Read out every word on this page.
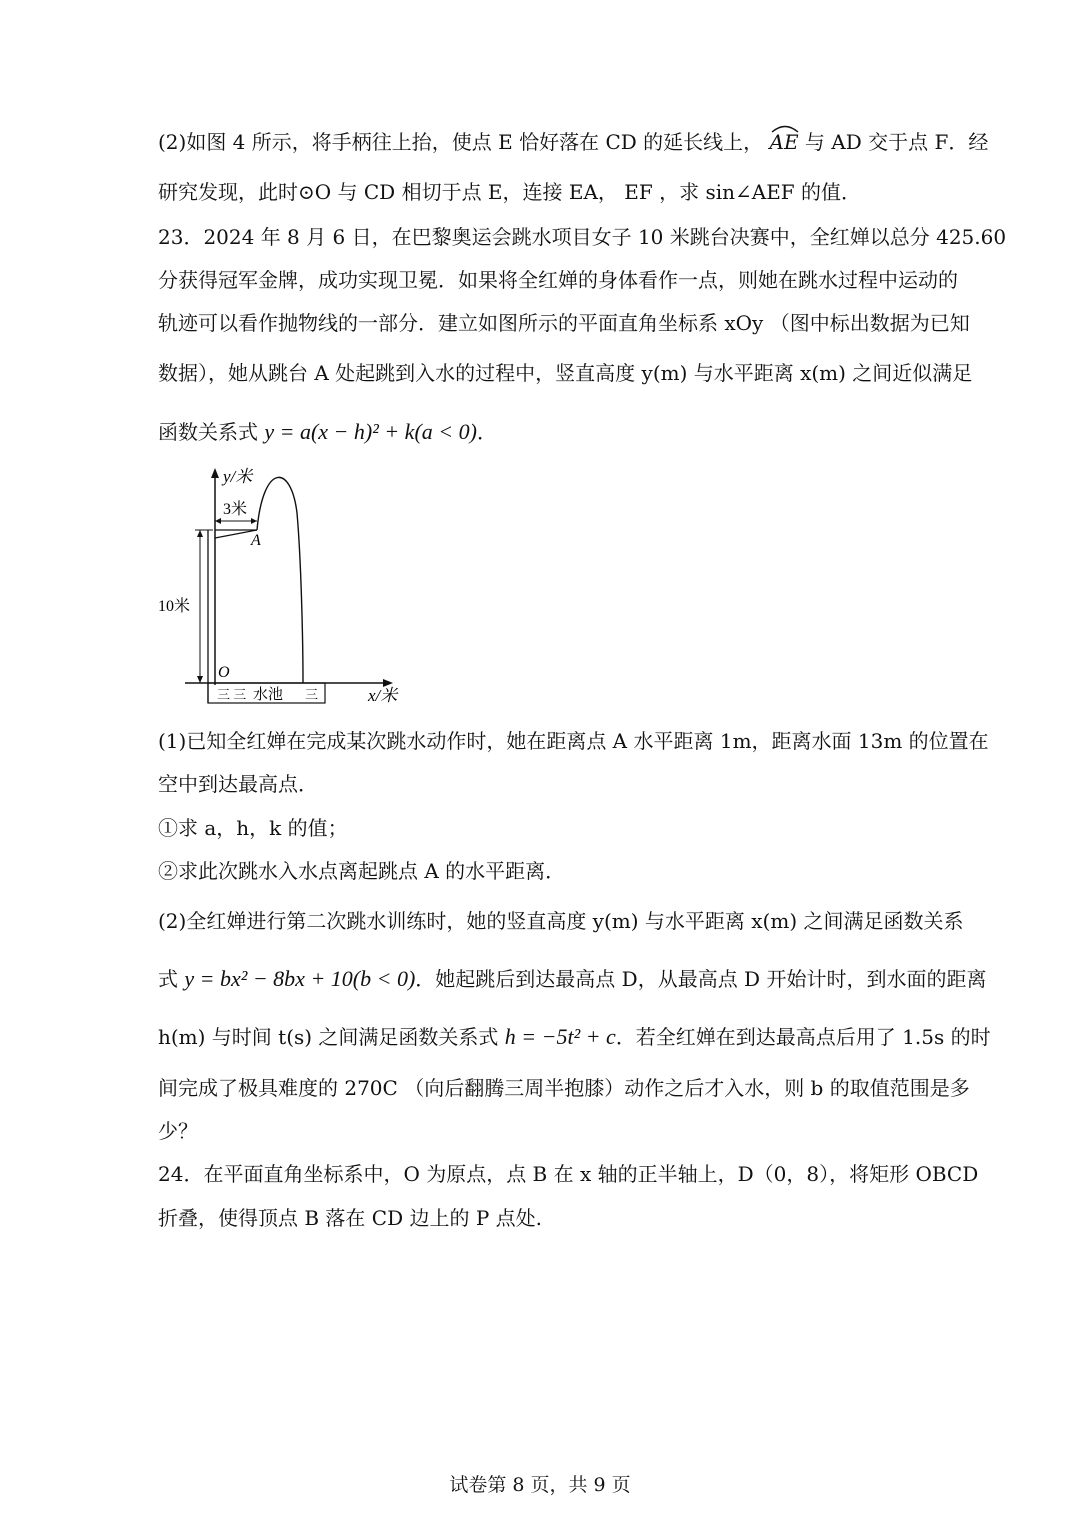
(2)如图 4 所示，将手柄往上抬，使点 E 恰好落在 CD 的延长线上， AE 与 AD 交于点 F．经
研究发现，此时⊙O 与 CD 相切于点 E，连接 EA， EF ，求 sin∠AEF 的值．
23．2024 年 8 月 6 日，在巴黎奥运会跳水项目女子 10 米跳台决赛中，全红婵以总分 425.60
分获得冠军金牌，成功实现卫冕．如果将全红婵的身体看作一点，则她在跳水过程中运动的
轨迹可以看作抛物线的一部分．建立如图所示的平面直角坐标系 xOy （图中标出数据为已知
数据），她从跳台 A 处起跳到入水的过程中，竖直高度 y(m) 与水平距离 x(m) 之间近似满足
函数关系式 y = a(x − h)² + k(a < 0)．
y/米
x/米
3米
10米
A
O
三 三 水池 三
(1)已知全红婵在完成某次跳水动作时，她在距离点 A 水平距离 1m，距离水面 13m 的位置在
空中到达最高点．
①求 a，h，k 的值；
②求此次跳水入水点离起跳点 A 的水平距离．
(2)全红婵进行第二次跳水训练时，她的竖直高度 y(m) 与水平距离 x(m) 之间满足函数关系
式 y = bx² − 8bx + 10(b < 0)．她起跳后到达最高点 D，从最高点 D 开始计时，到水面的距离
h(m) 与时间 t(s) 之间满足函数关系式 h = −5t² + c．若全红婵在到达最高点后用了 1.5s 的时
间完成了极具难度的 270C （向后翻腾三周半抱膝）动作之后才入水，则 b 的取值范围是多
少？
24．在平面直角坐标系中，O 为原点，点 B 在 x 轴的正半轴上，D（0，8），将矩形 OBCD
折叠，使得顶点 B 落在 CD 边上的 P 点处.
试卷第 8 页，共 9 页
